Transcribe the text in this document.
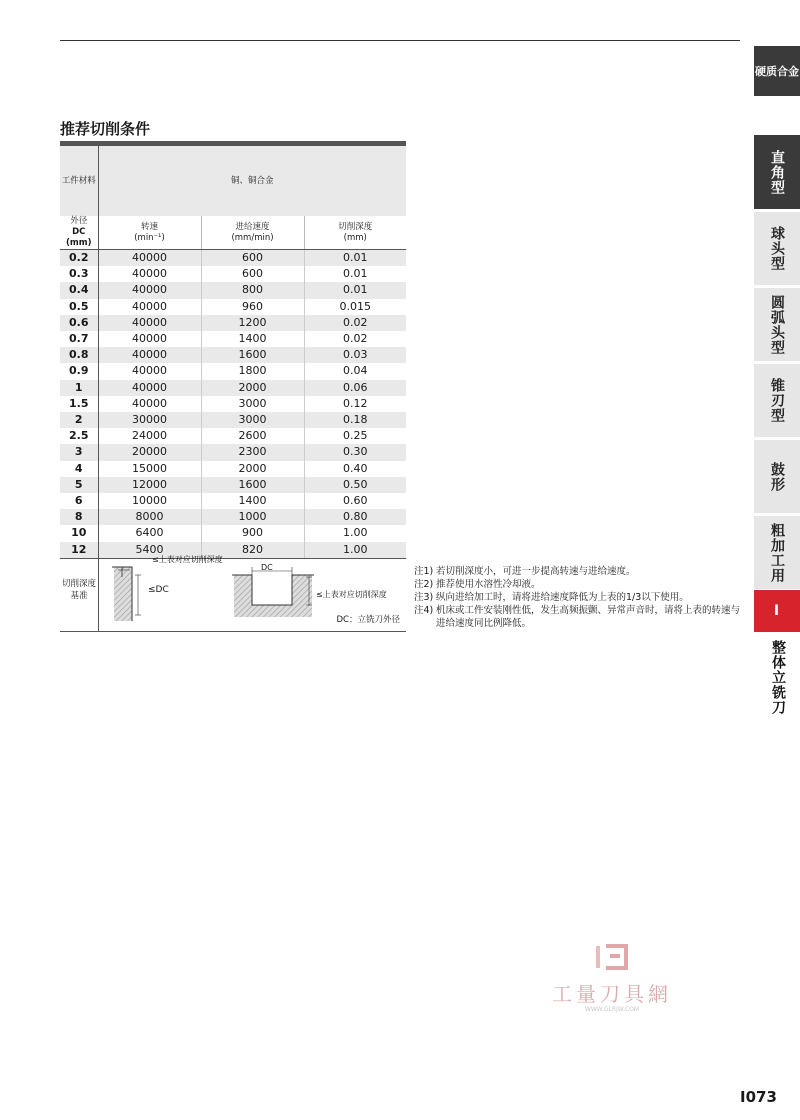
硬质合金
直角型
球头型
圆弧头型
锥刃型
鼓形
粗加工用
I
整体立铣刀
推荐切削条件
工件材料	铜、铜合金		
外径
DC (mm)	转速
(min⁻¹)	进给速度
(mm/min)	切削深度
(mm)
0.2	40000	600	0.01
0.3	40000	600	0.01
0.4	40000	800	0.01
0.5	40000	960	0.015
0.6	40000	1200	0.02
0.7	40000	1400	0.02
0.8	40000	1600	0.03
0.9	40000	1800	0.04
1	40000	2000	0.06
1.5	40000	3000	0.12
2	30000	3000	0.18
2.5	24000	2600	0.25
3	20000	2300	0.30
4	15000	2000	0.40
5	12000	1600	0.50
6	10000	1400	0.60
8	8000	1000	0.80
10	6400	900	1.00
12	5400	820	1.00
切削深度
基准
≤上表对应切削深度
≤DC
DC
≤上表对应切削深度
DC：立铣刀外径
注1) 若切削深度小，可进一步提高转速与进给速度。
注2) 推荐使用水溶性冷却液。
注3) 纵向进给加工时，请将进给速度降低为上表的1/3以下使用。
注4) 机床或工件安装刚性低，发生高频振颤、异常声音时，请将上表的转速与进给速度同比例降低。
工量刀具網
WWW.GLRJW.COM
I073
